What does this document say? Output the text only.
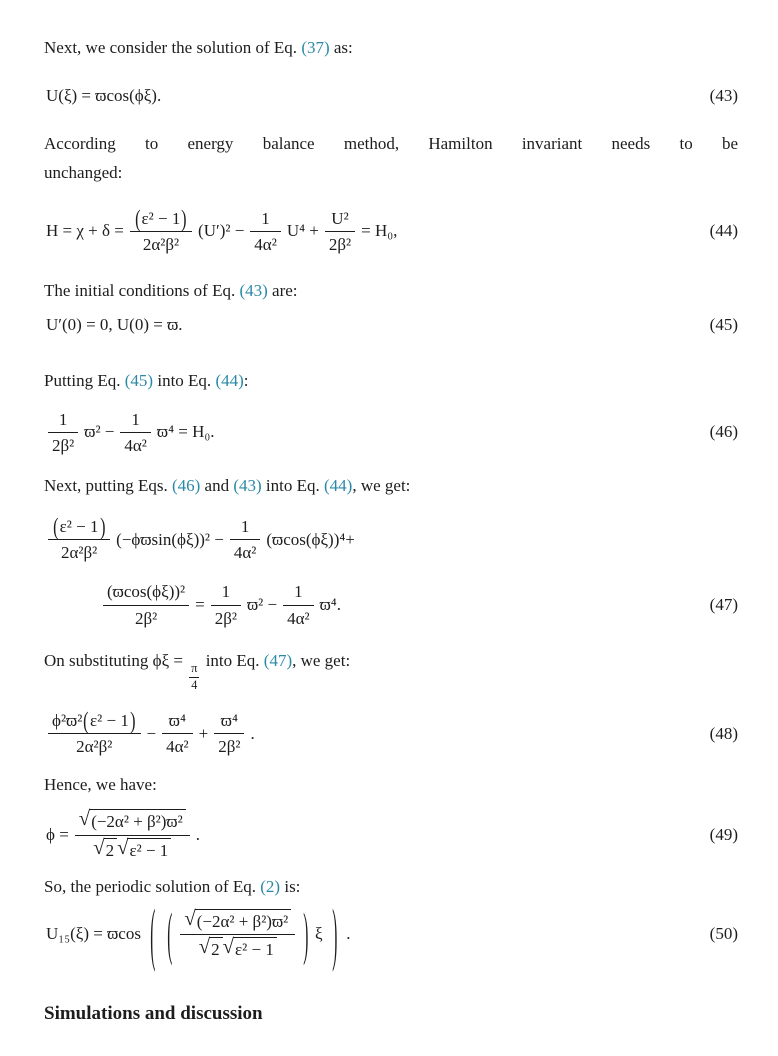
Next, we consider the solution of Eq. (37) as:

U(ξ) = ϖcos(ϕξ).	(43)

According to energy balance method, Hamilton invariant needs to be
unchanged:

$H = \chi + \delta = \frac{\text{(ε² − 1)}}{\text{2α²β²}} (U')^2 - \frac{1}{\text{4α²}} U^4 + \frac{\text{U²}}{\text{2β²}} = H_0$,	(44)

The initial conditions of Eq. (43) are:

U′(0) = 0, U(0) = ϖ.	(45)

Putting Eq. (45) into Eq. (44):

$\frac{1}{\text{2β²}} ϖ^2 - \frac{1}{\text{4α²}} ϖ^4 = H_0$.	(46)

Next, putting Eqs. (46) and (43) into Eq. (44), we get:

$\frac{\text{(ε² − 1)}}{\text{2α²β²}} (-\phi ϖ\sin(\phi\xi))^2 - \frac{1}{\text{4α²}} (ϖ\cos(\phi\xi))^4+$
$\frac{\text{(ϖcos(ϕξ))²}}{\text{2β²}} = \frac{1}{\text{2β²}} ϖ^2 - \frac{1}{\text{4α²}} ϖ^4$.	(47)

On substituting ϕξ =
$\frac{\pi}{4}$
into Eq. (47), we get:

$\frac{\text{ϕ²ϖ²(ε² − 1)}}{\text{2α²β²}} - \frac{\text{ϖ⁴}}{\text{4α²}} + \frac{\text{ϖ⁴}}{\text{2β²}}$ .	(48)

Hence, we have:

$\phi = \frac{\text{√ (−2α² + β²)ϖ²}}{\text{√ 2 √ ε² − 1}}$ .	(49)

So, the periodic solution of Eq. (2) is:

U₁₅(ξ) = ϖcos ( ( $\frac{\text{√ (−2α² + β²)ϖ²}}{\text{√ 2 √ ε² − 1}}$ ) ξ ) .	(50)
Simulations and discussion
